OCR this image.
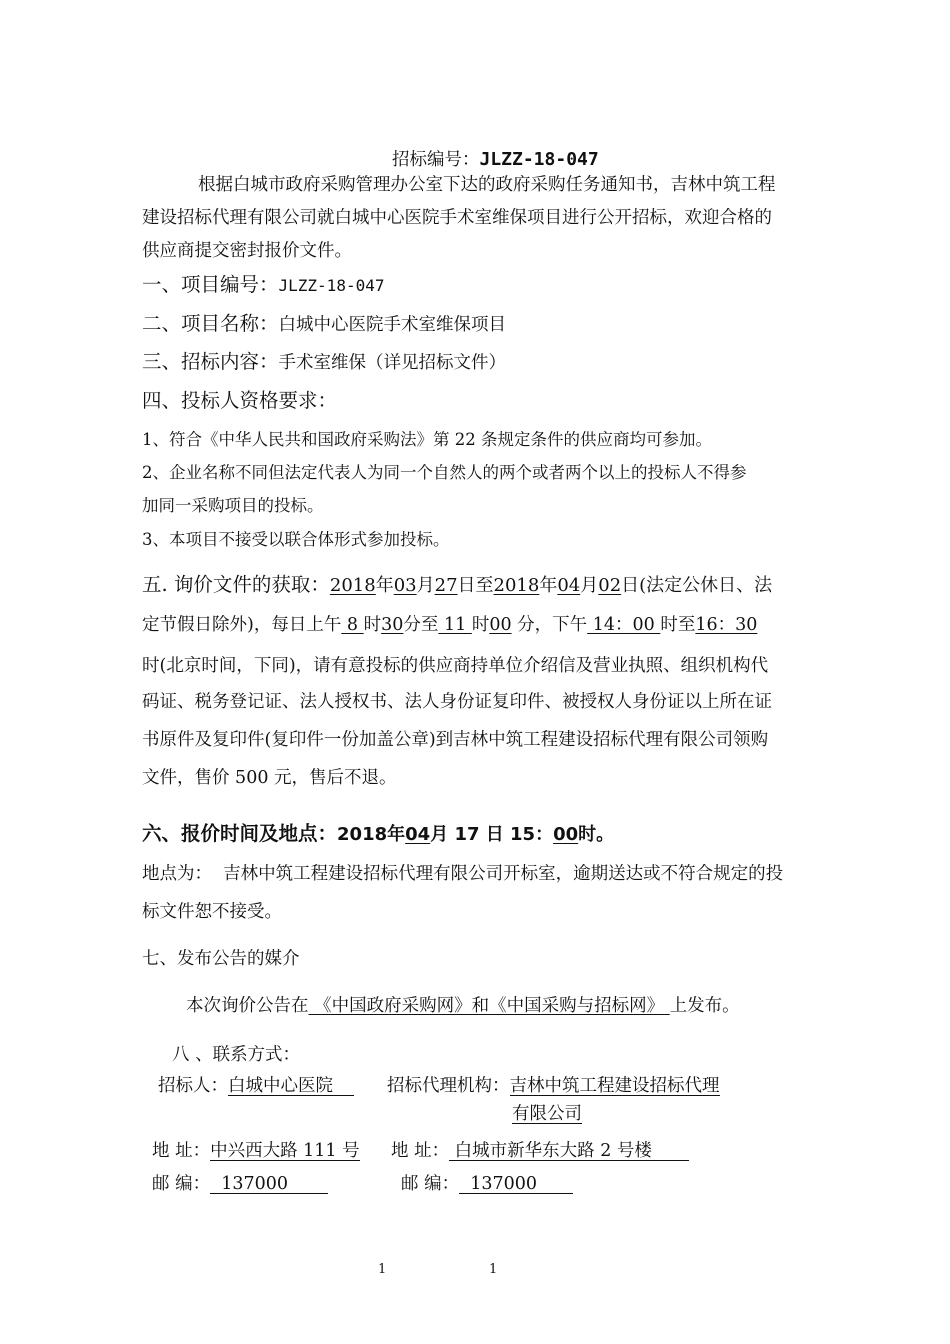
招标编号：JLZZ-18-047
根据白城市政府采购管理办公室下达的政府采购任务通知书，吉林中筑工程
建设招标代理有限公司就白城中心医院手术室维保项目进行公开招标，欢迎合格的
供应商提交密封报价文件。
一、项目编号：JLZZ-18-047
二、项目名称：白城中心医院手术室维保项目
三、招标内容：手术室维保（详见招标文件）
四、投标人资格要求：
1、符合《中华人民共和国政府采购法》第 22 条规定条件的供应商均可参加。
2、企业名称不同但法定代表人为同一个自然人的两个或者两个以上的投标人不得参
加同一采购项目的投标。
3、本项目不接受以联合体形式参加投标。
五. 询价文件的获取：2018年03月27日至2018年04月02日(法定公休日、法
定节假日除外)，每日上午 8 时30分至 11 时00 分，下午 14：00 时至16：30
时(北京时间，下同)，请有意投标的供应商持单位介绍信及营业执照、组织机构代
码证、税务登记证、法人授权书、法人身份证复印件、被授权人身份证以上所在证
书原件及复印件(复印件一份加盖公章)到吉林中筑工程建设招标代理有限公司领购
文件，售价 500 元，售后不退。
六、报价时间及地点：2018年04月 17 日 15：00时。
地点为： 吉林中筑工程建设招标代理有限公司开标室，逾期送达或不符合规定的投
标文件恕不接受。
七、发布公告的媒介
本次询价公告在 《中国政府采购网》和《中国采购与招标网》 上发布。
八 、联系方式：
招标人：白城中心医院	招标代理机构：吉林中筑工程建设招标代理
有限公司
地 址：中兴西大路 111 号 地 址： 白城市新华东大路 2 号楼
邮 编： 137000	邮 编： 137000
1	1
